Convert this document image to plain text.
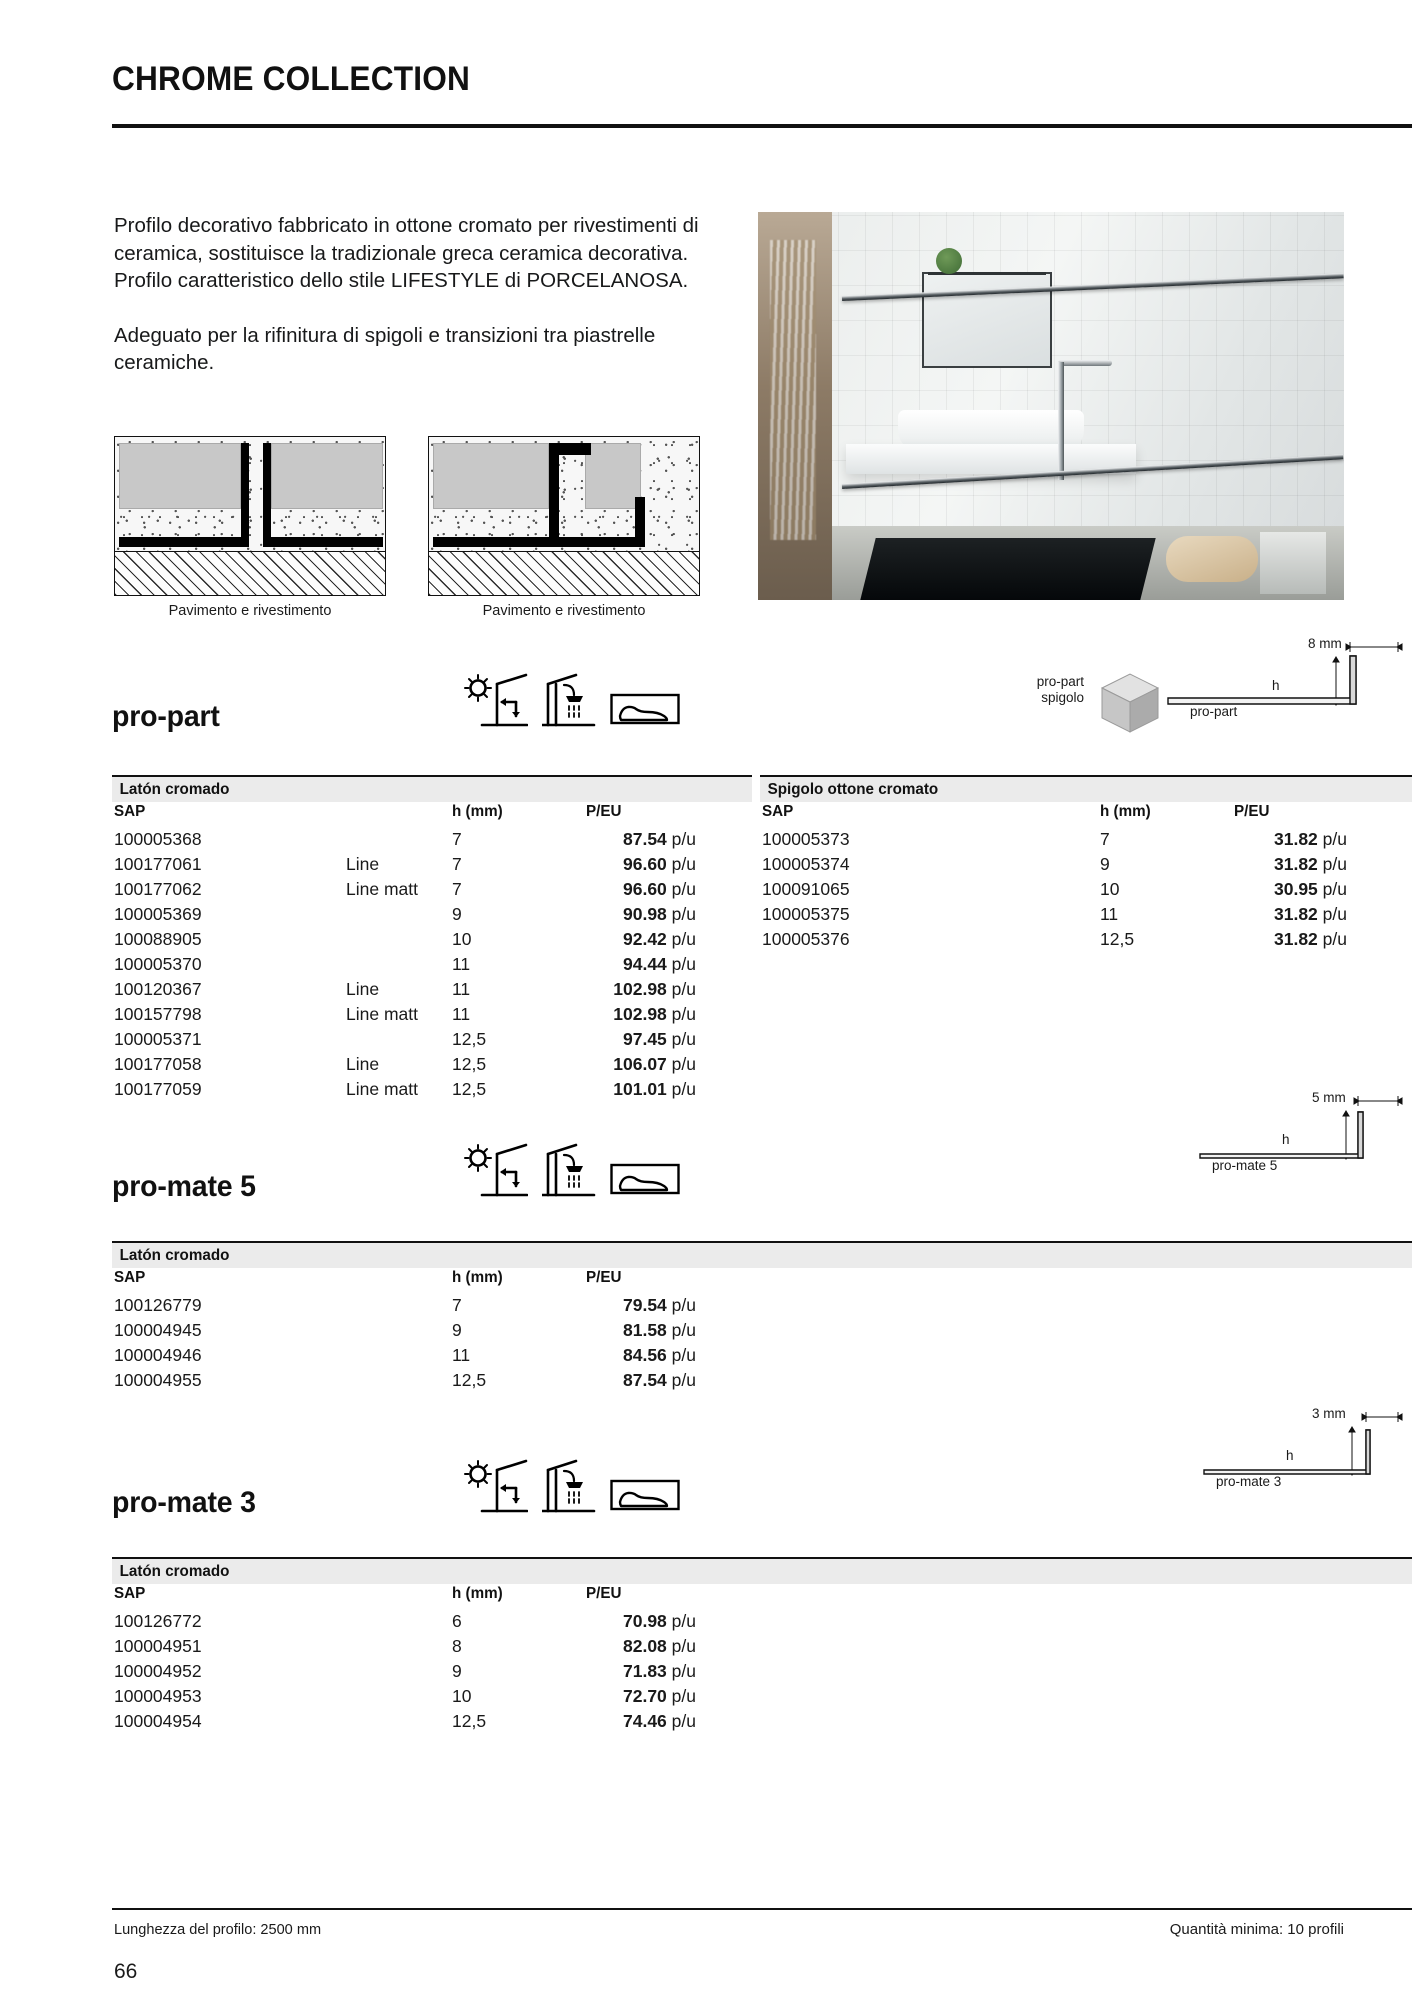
CHROME COLLECTION

Profilo decorativo fabbricato in ottone cromato per rivestimenti di ceramica, sostituisce la tradizionale greca ceramica decorativa. Profilo caratteristico dello stile LIFESTYLE di PORCELANOSA.

Adeguato per la rifinitura di spigoli e transizioni tra piastrelle ceramiche.

Pavimento e rivestimento	Pavimento e rivestimento
pro-part
pro-part
spigolo
8 mm
h
pro-part
Latón cromado	Spigolo ottone cromato
SAP		h (mm)	P/EU
100005368		7	87.54 p/u
100177061	Line	7	96.60 p/u
100177062	Line matt	7	96.60 p/u
100005369		9	90.98 p/u
100088905		10	92.42 p/u
100005370		11	94.44 p/u
100120367	Line	11	102.98 p/u
100157798	Line matt	11	102.98 p/u
100005371		12,5	97.45 p/u
100177058	Line	12,5	106.07 p/u
100177059	Line matt	12,5	101.01 p/u
SAP		h (mm)	P/EU
100005373		7	31.82 p/u
100005374		9	31.82 p/u
100091065		10	30.95 p/u
100005375		11	31.82 p/u
100005376		12,5	31.82 p/u
pro-mate 5
5 mm
h
pro-mate 5
Latón cromado
SAP		h (mm)	P/EU
100126779		7	79.54 p/u
100004945		9	81.58 p/u
100004946		11	84.56 p/u
100004955		12,5	87.54 p/u
pro-mate 3
3 mm
h
pro-mate 3
Latón cromado
SAP		h (mm)	P/EU
100126772		6	70.98 p/u
100004951		8	82.08 p/u
100004952		9	71.83 p/u
100004953		10	72.70 p/u
100004954		12,5	74.46 p/u
Lunghezza del profilo: 2500 mm	Quantità minima: 10 profili
66
